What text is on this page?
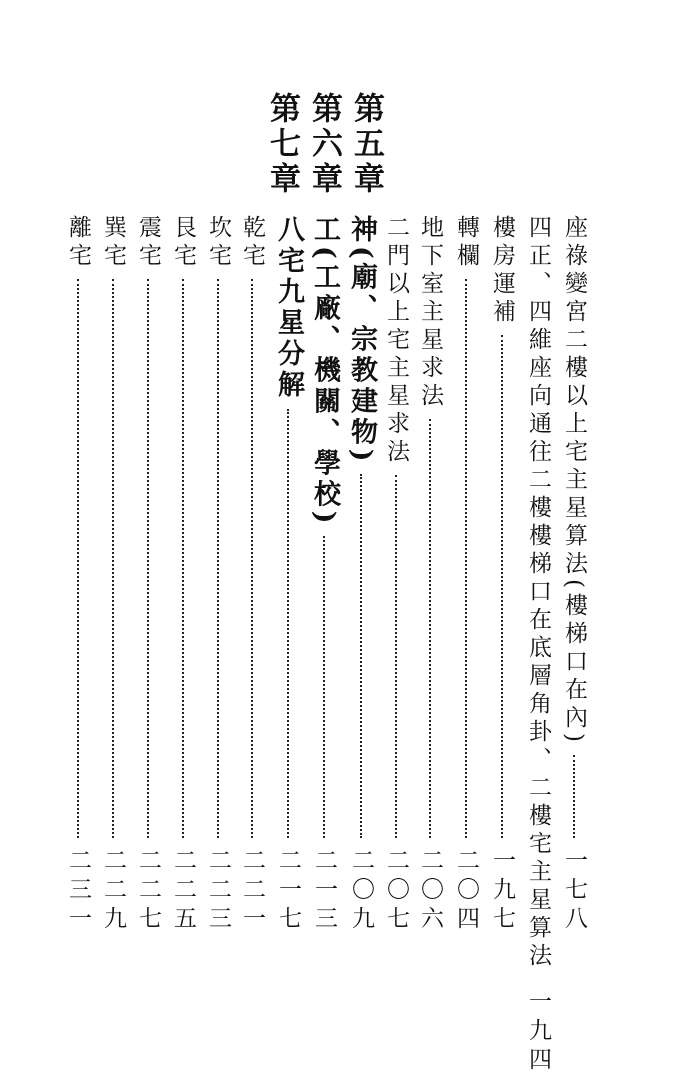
第五章
第六章
第七章
座祿變宮二樓以上宅主星算法(樓梯口在內)
一七八
四正、四維座向通往二樓樓梯口在底層角卦、二樓宅主星算法
一九四
樓房運補
一九七
轉欄
二〇四
地下室主星求法
二〇六
二門以上宅主星求法
二〇七
神(廟、宗教建物)
二〇九
工(工廠、機關、學校)
二一三
八宅九星分解
二一七
乾宅
二二一
坎宅
二二三
艮宅
二二五
震宅
二二七
巽宅
二二九
離宅
二三一
